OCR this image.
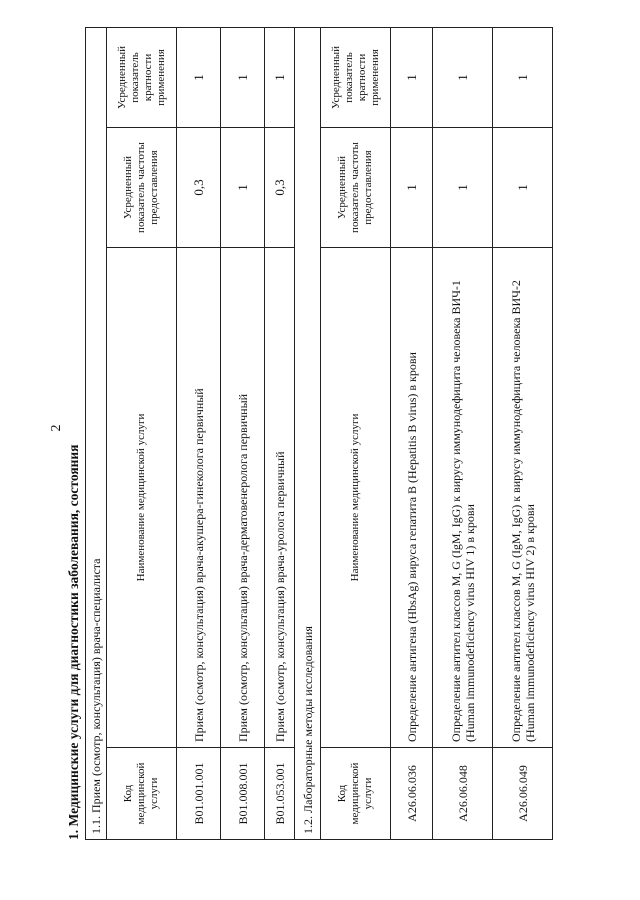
2
1. Медицинские услуги для диагностики заболевания, состояния 1.1. Прием (осмотр, консультация) врача-специалиста			
Код медицинской услуги	Наименование медицинской услуги	Усредненный показатель частоты предоставления	Усредненный показатель кратности применения
B01.001.001	Прием (осмотр, консультация) врача-акушера-гинеколога первичный	0,3	1
B01.008.001	Прием (осмотр, консультация) врача-дерматовенеролога первичный	1	1
B01.053.001	Прием (осмотр, консультация) врача-уролога первичный	0,3	1
1.2. Лабораторные методы исследования			
Код медицинской услуги	Наименование медицинской услуги	Усредненный показатель частоты предоставления	Усредненный показатель кратности применения
A26.06.036	Определение антигена (HbsAg) вируса гепатита B (Hepatitis B virus) в крови	1	1
A26.06.048	Определение антител классов M, G (IgM, IgG) к вирусу иммунодефицита человека ВИЧ-1 (Human immunodeficiency virus HIV 1) в крови	1	1
A26.06.049	Определение антител классов M, G (IgM, IgG) к вирусу иммунодефицита человека ВИЧ-2 (Human immunodeficiency virus HIV 2) в крови	1	1
